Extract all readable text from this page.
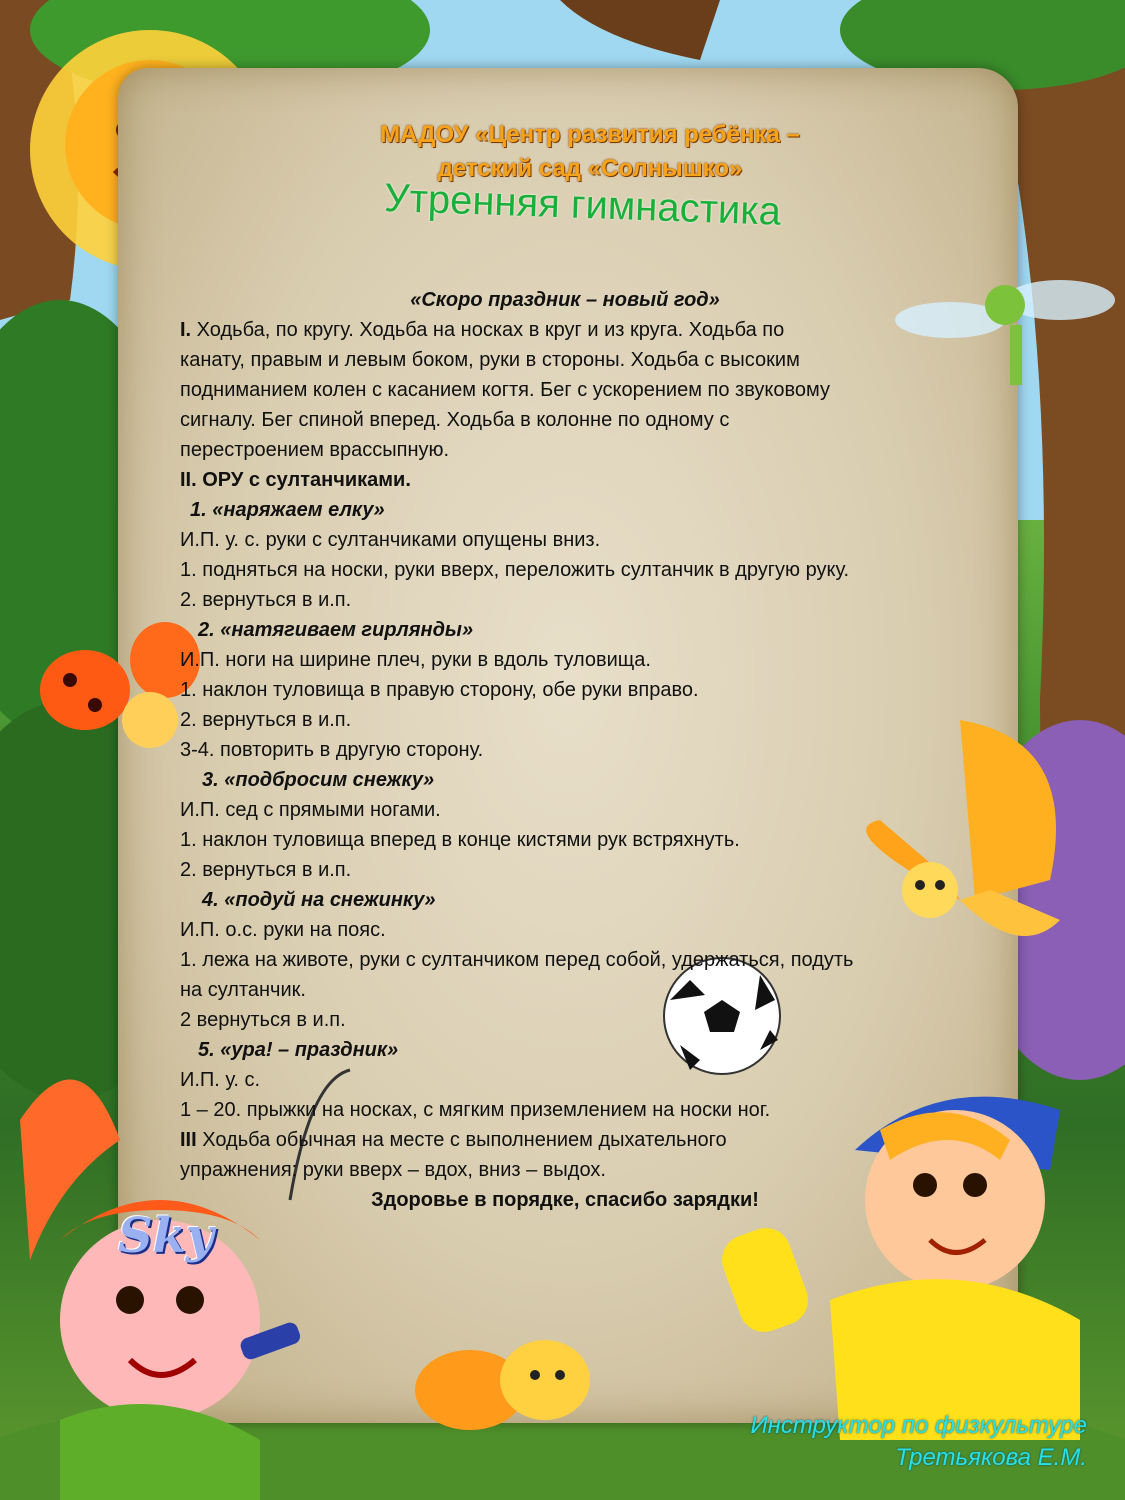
Sky
МАДОУ «Центр развития ребёнка –
детский сад «Солнышко»
Утренняя гимнастика
«Скоро праздник – новый год»
I. Ходьба, по кругу. Ходьба на носках в круг и из круга. Ходьба по
канату, правым и левым боком, руки в стороны. Ходьба с высоким
подниманием колен с касанием когтя. Бег с ускорением по звуковому
сигналу. Бег спиной вперед. Ходьба в колонне по одному с
перестроением врассыпную.
II. ОРУ с султанчиками.
1. «наряжаем елку»
И.П. у. с. руки с султанчиками опущены вниз.
1. подняться на носки, руки вверх, переложить султанчик в другую руку.
2. вернуться в и.п.
2. «натягиваем гирлянды»
И.П. ноги на ширине плеч, руки в вдоль туловища.
1. наклон туловища в правую сторону, обе руки вправо.
2. вернуться в и.п.
3-4. повторить в другую сторону.
3. «подбросим снежку»
И.П. сед с прямыми ногами.
1. наклон туловища вперед в конце кистями рук встряхнуть.
2. вернуться в и.п.
4. «подуй на снежинку»
И.П. о.с. руки на пояс.
1. лежа на животе, руки с султанчиком перед собой, удержаться, подуть
на султанчик.
2 вернуться в и.п.
5. «ура! – праздник»
И.П. у. с.
1 – 20. прыжки на носках, с мягким приземлением на носки ног.
III Ходьба обычная на месте с выполнением дыхательного
упражнения: руки вверх – вдох, вниз – выдох.
Здоровье в порядке, спасибо зарядки!
Инструктор по физкультуре
Третьякова Е.М.
